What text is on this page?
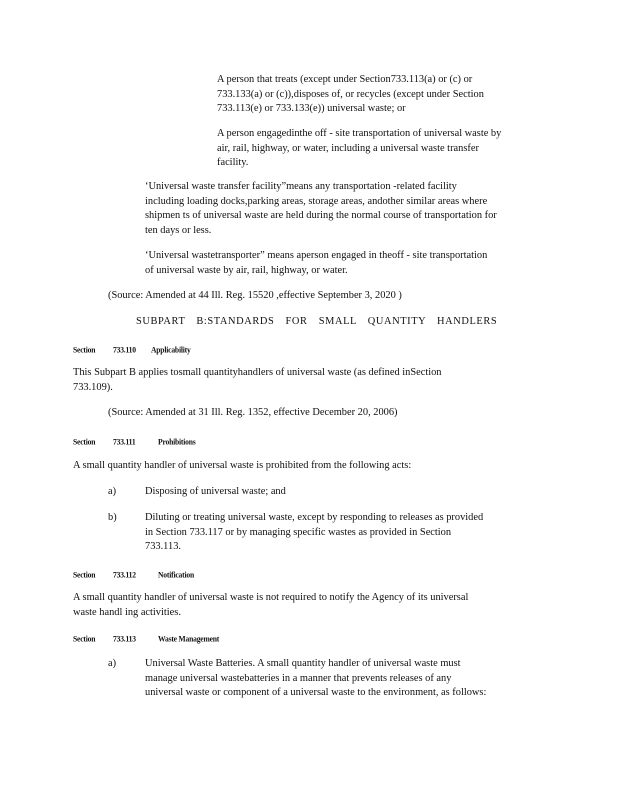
A person that treats (except under Section733.113(a) or (c) or
733.133(a) or (c)),disposes of, or recycles (except under Section
733.113(e) or 733.133(e)) universal waste; or

A person engagedinthe off - site transportation of universal waste by
air, rail, highway, or water, including a universal waste transfer
facility.

‘Universal waste transfer facility”means any transportation -related facility
including loading docks,parking areas, storage areas, andother similar areas where
shipmen ts of universal waste are held during the normal course of transportation for
ten days or less.

‘Universal wastetransporter” means aperson engaged in theoff - site transportation
of universal waste by air, rail, highway, or water.

(Source: Amended at 44 Ill. Reg. 15520 ,effective September 3, 2020 )

SUBPART B:STANDARDS FOR SMALL QUANTITY HANDLERS

Section 733.110 Applicability

This Subpart B applies tosmall quantityhandlers of universal waste (as defined inSection
733.109).

(Source: Amended at 31 Ill. Reg. 1352, effective December 20, 2006)

Section 733.111	Prohibitions

A small quantity handler of universal waste is prohibited from the following acts:

a)	Disposing of universal waste; and

b)	Diluting or treating universal waste, except by responding to releases as provided
in Section 733.117 or by managing specific wastes as provided in Section
733.113.

Section 733.112	Notification

A small quantity handler of universal waste is not required to notify the Agency of its universal
waste handl ing activities.

Section 733.113	Waste Management
a)	Universal Waste Batteries. A small quantity handler of universal waste must
manage universal wastebatteries in a manner that prevents releases of any
universal waste or component of a universal waste to the environment, as follows:
